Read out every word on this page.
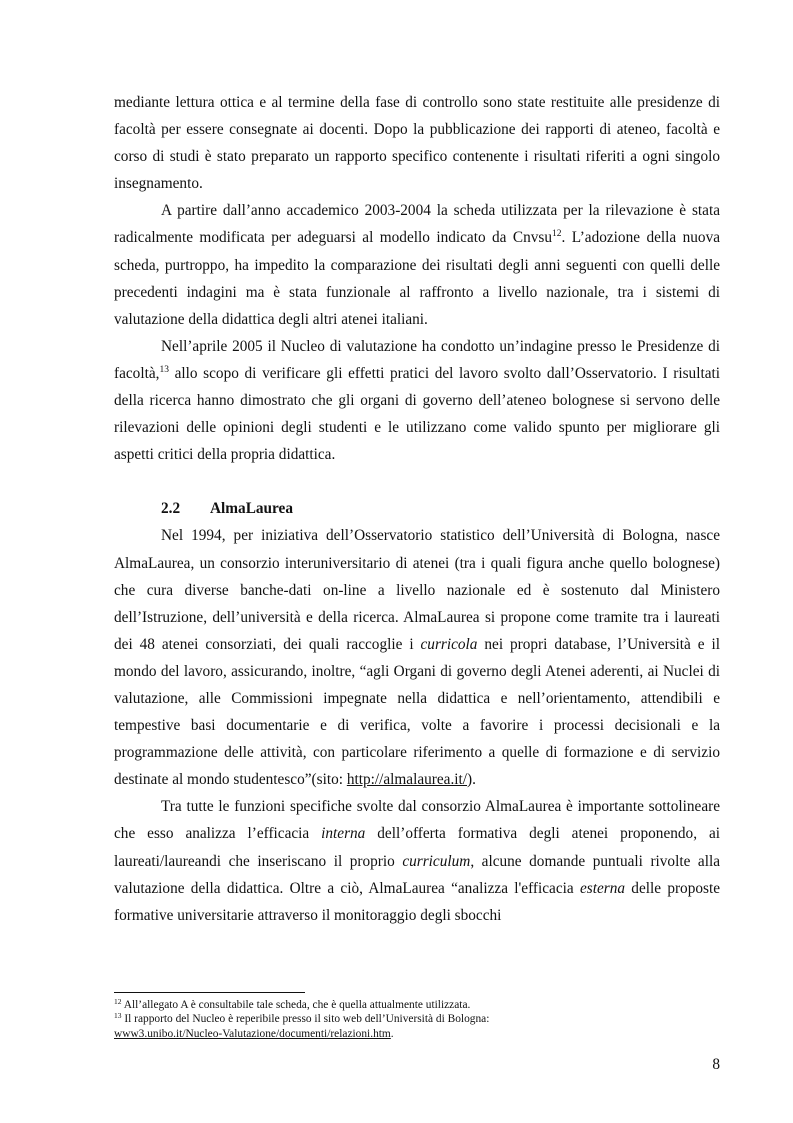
mediante lettura ottica e al termine della fase di controllo sono state restituite alle presidenze di facoltà per essere consegnate ai docenti. Dopo la pubblicazione dei rapporti di ateneo, facoltà e corso di studi è stato preparato un rapporto specifico contenente i risultati riferiti a ogni singolo insegnamento.

A partire dall’anno accademico 2003-2004 la scheda utilizzata per la rilevazione è stata radicalmente modificata per adeguarsi al modello indicato da Cnvsu$^{12}$. L’adozione della nuova scheda, purtroppo, ha impedito la comparazione dei risultati degli anni seguenti con quelli delle precedenti indagini ma è stata funzionale al raffronto a livello nazionale, tra i sistemi di valutazione della didattica degli altri atenei italiani.

Nell’aprile 2005 il Nucleo di valutazione ha condotto un’indagine presso le Presidenze di facoltà,$^{13}$ allo scopo di verificare gli effetti pratici del lavoro svolto dall’Osservatorio. I risultati della ricerca hanno dimostrato che gli organi di governo dell’ateneo bolognese si servono delle rilevazioni delle opinioni degli studenti e le utilizzano come valido spunto per migliorare gli aspetti critici della propria didattica.

2.2 AlmaLaurea

Nel 1994, per iniziativa dell’Osservatorio statistico dell’Università di Bologna, nasce AlmaLaurea, un consorzio interuniversitario di atenei (tra i quali figura anche quello bolognese) che cura diverse banche-dati on-line a livello nazionale ed è sostenuto dal Ministero dell’Istruzione, dell’università e della ricerca. AlmaLaurea si propone come tramite tra i laureati dei 48 atenei consorziati, dei quali raccoglie i curricola nei propri database, l’Università e il mondo del lavoro, assicurando, inoltre, “agli Organi di governo degli Atenei aderenti, ai Nuclei di valutazione, alle Commissioni impegnate nella didattica e nell’orientamento, attendibili e tempestive basi documentarie e di verifica, volte a favorire i processi decisionali e la programmazione delle attività, con particolare riferimento a quelle di formazione e di servizio destinate al mondo studentesco”(sito: http://almalaurea.it/).

Tra tutte le funzioni specifiche svolte dal consorzio AlmaLaurea è importante sottolineare che esso analizza l’efficacia interna dell’offerta formativa degli atenei proponendo, ai laureati/laureandi che inseriscano il proprio curriculum, alcune domande puntuali rivolte alla valutazione della didattica. Oltre a ciò, AlmaLaurea “analizza l'efficacia esterna delle proposte formative universitarie attraverso il monitoraggio degli sbocchi

$^{12}$ All’allegato A è consultabile tale scheda, che è quella attualmente utilizzata.

$^{13}$ Il rapporto del Nucleo è reperibile presso il sito web dell’Università di Bologna:
www3.unibo.it/Nucleo-Valutazione/documenti/relazioni.htm.

8
